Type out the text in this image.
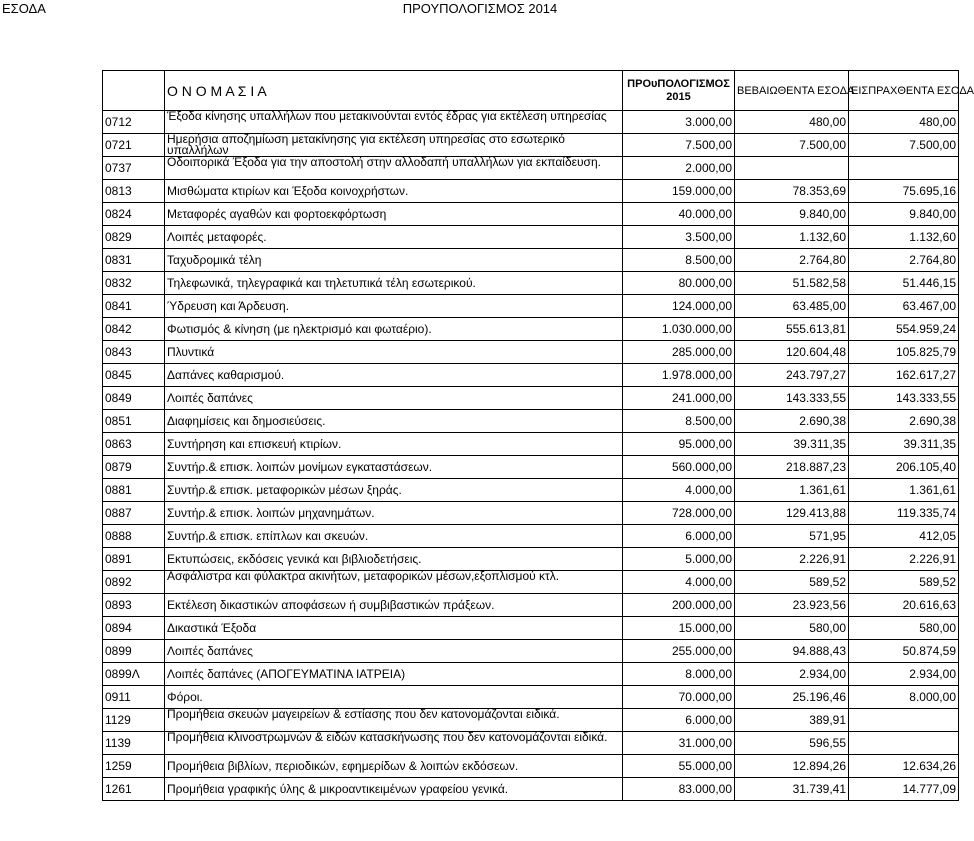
ΕΣΟΔΑ	ΠΡΟΥΠΟΛΟΓΙΣΜΟΣ 2014
	Ο Ν Ο Μ Α Σ Ι Α	ΠΡΟυΠΟΛΟΓΙΣΜΟΣ
2015	ΒΕΒΑΙΩΘΕΝΤΑ ΕΣΟΔΑ	ΕΙΣΠΡΑΧΘΕΝΤΑ ΕΣΟΔΑ
0712	Έξοδα κίνησης υπαλλήλων που μετακινούνται εντός έδρας για εκτέλεση υπηρεσίας	3.000,00	480,00	480,00
0721	Ημερήσια αποζημίωση μετακίνησης για εκτέλεση υπηρεσίας στο εσωτερικό υπαλλήλων	7.500,00	7.500,00	7.500,00
0737	Οδοιπορικά Έξοδα για την αποστολή στην αλλοδαπή υπαλλήλων για εκπαίδευση.	2.000,00		
0813	Μισθώματα κτιρίων και Έξοδα κοινοχρήστων.	159.000,00	78.353,69	75.695,16
0824	Μεταφορές αγαθών και φορτοεκφόρτωση	40.000,00	9.840,00	9.840,00
0829	Λοιπές μεταφορές.	3.500,00	1.132,60	1.132,60
0831	Ταχυδρομικά τέλη	8.500,00	2.764,80	2.764,80
0832	Τηλεφωνικά, τηλεγραφικά και τηλετυπικά τέλη εσωτερικού.	80.000,00	51.582,58	51.446,15
0841	Ύδρευση και Άρδευση.	124.000,00	63.485,00	63.467,00
0842	Φωτισμός & κίνηση (με ηλεκτρισμό και φωταέριο).	1.030.000,00	555.613,81	554.959,24
0843	Πλυντικά	285.000,00	120.604,48	105.825,79
0845	Δαπάνες καθαρισμού.	1.978.000,00	243.797,27	162.617,27
0849	Λοιπές δαπάνες	241.000,00	143.333,55	143.333,55
0851	Διαφημίσεις και δημοσιεύσεις.	8.500,00	2.690,38	2.690,38
0863	Συντήρηση και επισκευή κτιρίων.	95.000,00	39.311,35	39.311,35
0879	Συντήρ.& επισκ. λοιπών μονίμων εγκαταστάσεων.	560.000,00	218.887,23	206.105,40
0881	Συντήρ.& επισκ. μεταφορικών μέσων ξηράς.	4.000,00	1.361,61	1.361,61
0887	Συντήρ.& επισκ. λοιπών μηχανημάτων.	728.000,00	129.413,88	119.335,74
0888	Συντήρ.& επισκ. επίπλων και σκευών.	6.000,00	571,95	412,05
0891	Εκτυπώσεις, εκδόσεις γενικά και βιβλιοδετήσεις.	5.000,00	2.226,91	2.226,91
0892	Ασφάλιστρα και φύλακτρα ακινήτων, μεταφορικών μέσων,εξοπλισμού κτλ.	4.000,00	589,52	589,52
0893	Εκτέλεση δικαστικών αποφάσεων ή συμβιβαστικών πράξεων.	200.000,00	23.923,56	20.616,63
0894	Δικαστικά Έξοδα	15.000,00	580,00	580,00
0899	Λοιπές δαπάνες	255.000,00	94.888,43	50.874,59
0899Λ	Λοιπές δαπάνες (ΑΠΟΓΕΥΜΑΤΙΝΑ ΙΑΤΡΕΙΑ)	8.000,00	2.934,00	2.934,00
0911	Φόροι.	70.000,00	25.196,46	8.000,00
1129	Προμήθεια σκευών μαγειρείων & εστίασης που δεν κατονομάζονται ειδικά.	6.000,00	389,91	
1139	Προμήθεια κλινοστρωμνών & ειδών κατασκήνωσης που δεν κατονομάζονται ειδικά.	31.000,00	596,55	
1259	Προμήθεια βιβλίων, περιοδικών, εφημερίδων & λοιπών εκδόσεων.	55.000,00	12.894,26	12.634,26
1261	Προμήθεια γραφικής ύλης & μικροαντικειμένων γραφείου γενικά.	83.000,00	31.739,41	14.777,09
